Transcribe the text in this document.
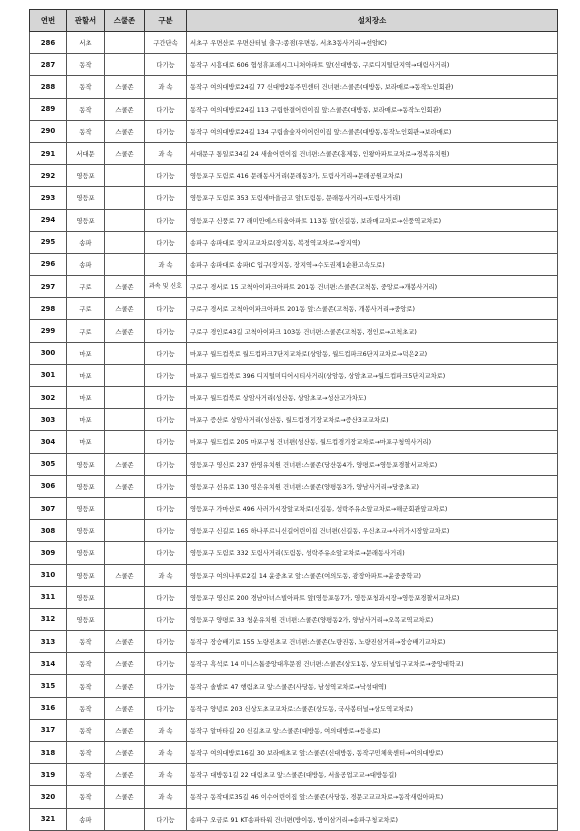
연번	관할서	스쿨존	구분	설치장소
286	서초		구간단속	서초구 우면산로 우면산터널 출구:종점(우면동, 서초3동사거리→선암IC)
287	동작		다기능	동작구 시흥대로 606 협성휴포레시그니처아파트 앞(신대방동, 구로디지털단지역→대림사거리)
288	동작	스쿨존	과 속	동작구 여의대방로24길 77 신대방2동주민센터 건너편:스쿨존(대방동, 보라매로→동작노인회관)
289	동작	스쿨존	다기능	동작구 여의대방로24길 113 구립한결어린이집 앞:스쿨존(대방동, 보라매로→동작노인회관)
290	동작	스쿨존	다기능	동작구 여의대방로24길 134 구립솔숲자이어린이집 앞:스쿨존(대방동,동작노인회관→보라매로)
291	서대문	스쿨존	과 속	서대문구 통일로34길 24 새솔어린이집 건너편:스쿨존(홍제동, 인왕아파트교차로→경복유치원)
292	영등포		다기능	영등포구 도림로 416 문래동사거리(문래동3가, 도림사거리→문래공원교차로)
293	영등포		다기능	영등포구 도림로 353 도림새마을금고 앞(도림동, 문래동사거리→도림사거리)
294	영등포		다기능	영등포구 신풍로 77 래미안에스티움아파트 113동 앞(신길동, 보라매교차로→신풍역교차로)
295	송파		다기능	송파구 송파대로 장지교교차로(장지동, 복정역교차로→장지역)
296	송파		과 속	송파구 송파대로 송파IC 입구(장지동, 장지역→수도권제1순환고속도로)
297	구로	스쿨존	과속 및 신호	구로구 경서로 15 고척아이파크아파트 201동 건너편:스쿨존(고척동, 중앙로→개봉사거리)
298	구로	스쿨존	다기능	구로구 경서로 고척아이파크아파트 201동 앞:스쿨존(고척동, 개봉사거리→중앙로)
299	구로	스쿨존	다기능	구로구 경인로43길 고척아이파크 103동 건너편:스쿨존(고척동, 경인로→고척초교)
300	마포		다기능	마포구 월드컵북로 월드컵파크7단지교차로(상암동, 월드컵파크6단지교차로→덕은2교)
301	마포		다기능	마포구 월드컵북로 396 디지털미디어시티사거리(상암동, 상암초교→월드컵파크5단지교차로)
302	마포		다기능	마포구 월드컵북로 상암사거리(성산동, 상암초교→성산고가차도)
303	마포		다기능	마포구 증산로 상암사거리(성산동, 월드컵경기장교차로→증산3교교차로)
304	마포		다기능	마포구 월드컵로 205 마포구청 건너편(성산동, 월드컵경기장교차로→마포구청역사거리)
305	영등포	스쿨존	다기능	영등포구 영신로 237 한영유치원 건너편:스쿨존(당산동4가, 양평로→영등포경찰서교차로)
306	영등포	스쿨존	다기능	영등포구 선유로 130 영은유치원 건너편:스쿨존(양평동3가, 양남사거리→당중초교)
307	영등포		다기능	영등포구 가마산로 496 사러가시장앞교차로(신길동, 성락주유소앞교차로→해군회관앞교차로)
308	영등포		다기능	영등포구 신길로 165 하나푸르니신길어린이집 건너편(신길동, 우신초교→사러가시장앞교차로)
309	영등포		다기능	영등포구 도림로 332 도림사거리(도림동, 성락주유소앞교차로→문래동사거리)
310	영등포	스쿨존	과 속	영등포구 여의나루로2길 14 윤중초교 앞:스쿨존(여의도동, 광장아파트→윤중중학교)
311	영등포		다기능	영등포구 영신로 200 경남아너스빌아파트 앞(영등포동7가, 영등포청과시장→영등포경찰서교차로)
312	영등포		다기능	영등포구 양평로 33 청운유치원 건너편:스쿨존(양평동2가, 양남사거리→오목교역교차로)
313	동작	스쿨존	다기능	동작구 장승배기로 155 노량진초교 건너편:스쿨존(노량진동, 노량진삼거리→장승배기교차로)
314	동작	스쿨존	다기능	동작구 흑석로 14 미니스톱중앙대후문점 건너편:스쿨존(상도1동, 상도터널입구교차로→중앙대학교)
315	동작	스쿨존	다기능	동작구 솔밭로 47 행림초교 앞:스쿨존(사당동, 남성역교차로→낙성대역)
316	동작	스쿨존	다기능	동작구 양녕로 203 신상도초교교차로:스쿨존(상도동, 국사봉터널→상도역교차로)
317	동작	스쿨존	과 속	동작구 알마타길 20 신길초교 앞:스쿨존(대방동, 여의대방로→등용로)
318	동작	스쿨존	과 속	동작구 여의대방로16길 30 보라매초교 앞:스쿨존(신대방동, 동작구민체육센터→여의대방로)
319	동작	스쿨존	과 속	동작구 대방동1길 22 대림초교 앞:스쿨존(대방동, 서울공업고교→대방동길)
320	동작	스쿨존	과 속	동작구 동작대로35길 46 이수어린이집 앞:스쿨존(사당동, 경문고교교차로→동작새림아파트)
321	송파		다기능	송파구 오금로 91 KT송파타워 건너편(방이동, 방이삼거리→송파구청교차로)
